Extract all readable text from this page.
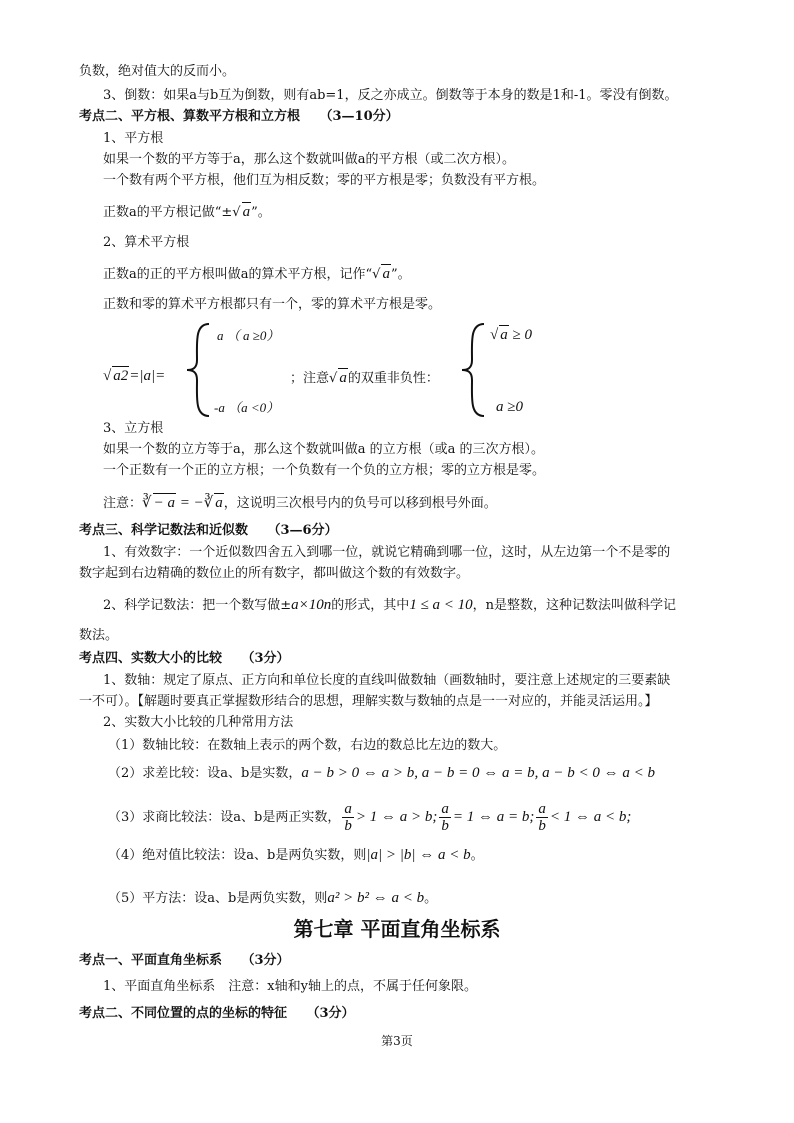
负数，绝对值大的反而小。
3、倒数：如果a与b互为倒数，则有ab=1，反之亦成立。倒数等于本身的数是1和-1。零没有倒数。
考点二、平方根、算数平方根和立方根　　（3—10分）
1、平方根
如果一个数的平方等于a，那么这个数就叫做a的平方根（或二次方根）。
一个数有两个平方根，他们互为相反数；零的平方根是零；负数没有平方根。
正数a的平方根记做“±√ a”。
2、算术平方根
正数a的正的平方根叫做a的算术平方根，记作“√ a”。
正数和零的算术平方根都只有一个，零的算术平方根是零。
√ a2=|a|=
a （ a ≥0）
-a （a <0）
；注意√ a的双重非负性：
√ a ≥ 0
a ≥0
3、立方根
如果一个数的立方等于a，那么这个数就叫做a 的立方根（或a 的三次方根）。
一个正数有一个正的立方根；一个负数有一个负的立方根；零的立方根是零。
注意：∛ − a = −∛ a，这说明三次根号内的负号可以移到根号外面。
考点三、科学记数法和近似数　　（3—6分）
1、有效数字：一个近似数四舍五入到哪一位，就说它精确到哪一位，这时，从左边第一个不是零的
数字起到右边精确的数位止的所有数字，都叫做这个数的有效数字。
2、科学记数法：把一个数写做±a×10n的形式，其中1 ≤ a < 10，n是整数，这种记数法叫做科学记
数法。
考点四、实数大小的比较　　（3分）
1、数轴：规定了原点、正方向和单位长度的直线叫做数轴（画数轴时，要注意上述规定的三要素缺
一不可）。【解题时要真正掌握数形结合的思想，理解实数与数轴的点是一一对应的，并能灵活运用。】
2、实数大小比较的几种常用方法
（1）数轴比较：在数轴上表示的两个数，右边的数总比左边的数大。
（2）求差比较：设a、b是实数，a − b > 0 ⇔ a > b, a − b = 0 ⇔ a = b, a − b < 0 ⇔ a < b
（3）求商比较法：设a、b是两正实数， $\frac{a}{b} > 1$ ⇔ a > b; $\frac{a}{b} = 1$ ⇔ a = b; $\frac{a}{b} < 1$ ⇔ a < b;
（4）绝对值比较法：设a、b是两负实数，则|a| > |b| ⇔ a < b。
（5）平方法：设a、b是两负实数，则a² > b² ⇔ a < b。
第七章 平面直角坐标系
考点一、平面直角坐标系　　（3分）
1、平面直角坐标系　注意：x轴和y轴上的点，不属于任何象限。
考点二、不同位置的点的坐标的特征　　（3分）
第3页
